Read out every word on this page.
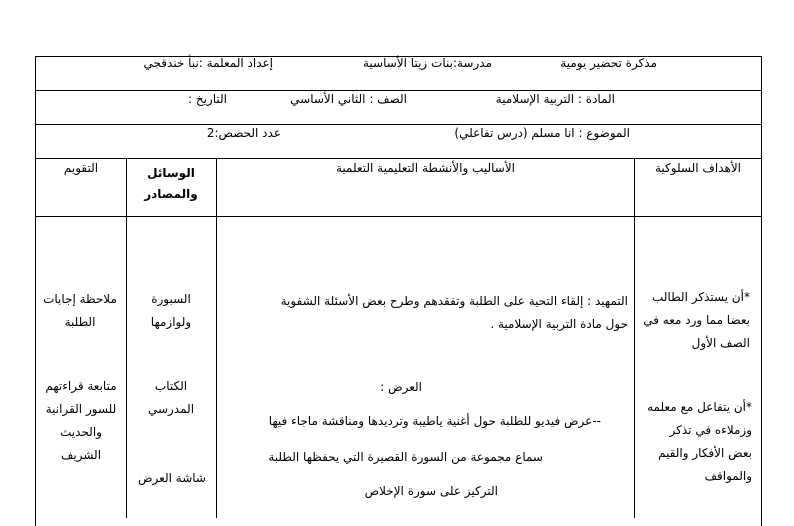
مذكرة تحضير يومية
مدرسة:بنات زيتا الأساسية
إعداد المعلمة :نبأ خندقجي
المادة : التربية الإسلامية
الصف : الثاني الأساسي
التاريخ :
الموضوع : انا مسلم (درس تفاعلي)
عدد الحصص:2
الأهداف السلوكية
الأساليب والأنشطة التعليمية التعلمية
الوسائل والمصادر
التقويم
*أن يستذكر الطالب بعضا مما ورد معه في الصف الأول
*أن يتفاعل مع معلمه وزملاءه في تذكر بعض الأفكار والقيم والمواقف
التمهيد : إلقاء التحية على الطلبة وتفقدهم وطرح بعض الأسئلة الشفوية حول مادة التربية الإسلامية .
العرض :
--عرض فيديو للطلبة حول أغنية ياطيبة وترديدها ومناقشة ماجاء فيها
سماع مجموعة من السورة القصيرة التي يحفظها الطلبة
التركيز على سورة الإخلاص
السبورة ولوازمها
الكتاب المدرسي
شاشة العرض
ملاحظة إجابات الطلبة
متابعة قراءتهم للسور القرانية والحديث الشريف
